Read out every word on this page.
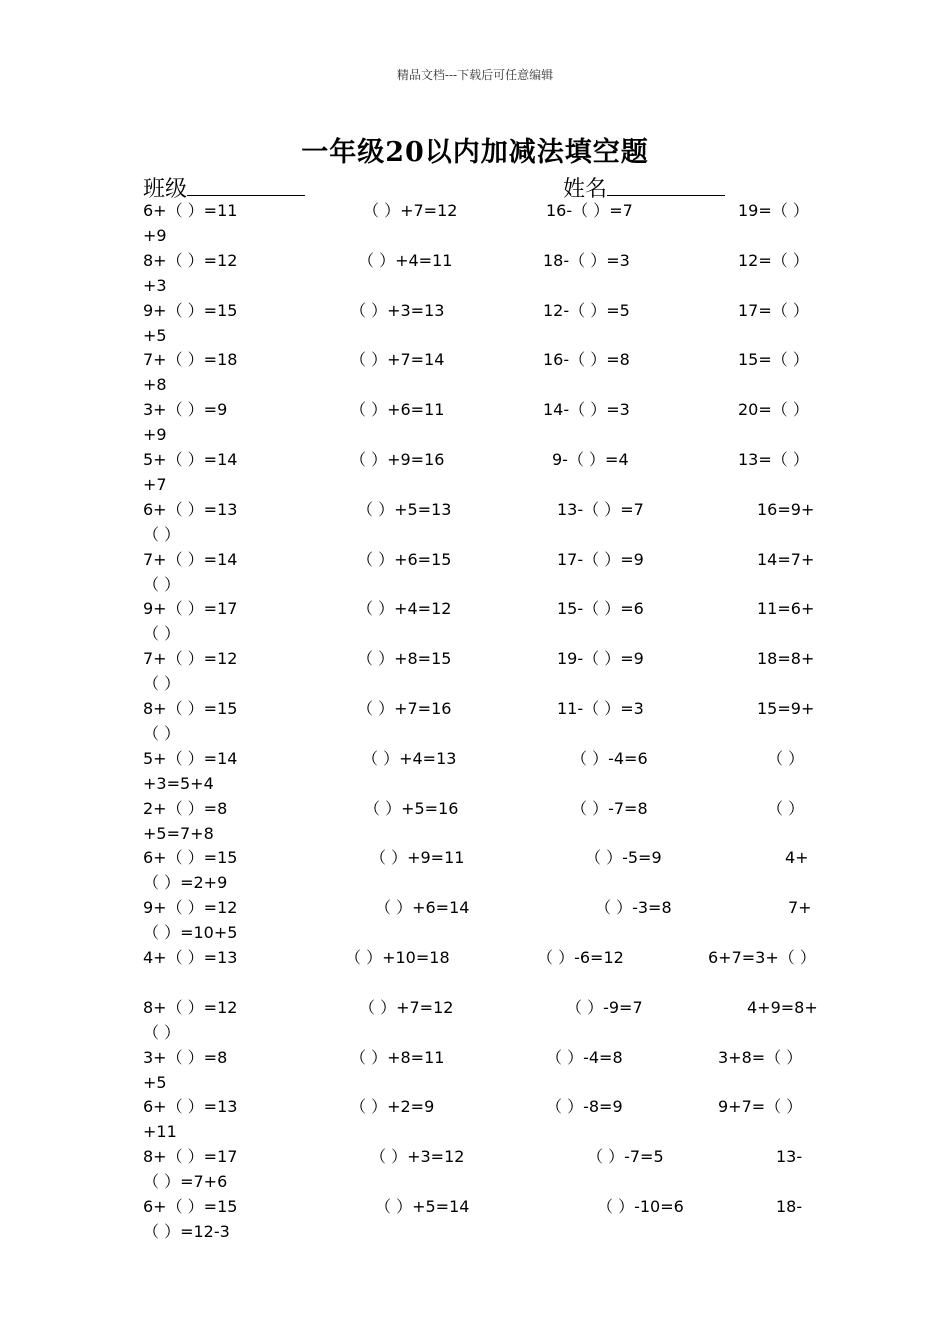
精品文档---下载后可任意编辑
一年级20以内加减法填空题
班级	姓名
6+（ ）=11	（ ）+7=12	16-（ ）=7	19=（ ）
+9
8+（ ）=12	（ ）+4=11	18-（ ）=3	12=（ ）
+3
9+（ ）=15	（ ）+3=13	12-（ ）=5	17=（ ）
+5
7+（ ）=18	（ ）+7=14	16-（ ）=8	15=（ ）
+8
3+（ ）=9	（ ）+6=11	14-（ ）=3	20=（ ）
+9
5+（ ）=14	（ ）+9=16	9-（ ）=4	13=（ ）
+7
6+（ ）=13	（ ）+5=13	13-（ ）=7	16=9+
（ ）
7+（ ）=14	（ ）+6=15	17-（ ）=9	14=7+
（ ）
9+（ ）=17	（ ）+4=12	15-（ ）=6	11=6+
（ ）
7+（ ）=12	（ ）+8=15	19-（ ）=9	18=8+
（ ）
8+（ ）=15	（ ）+7=16	11-（ ）=3	15=9+
（ ）
5+（ ）=14	（ ）+4=13	（ ）-4=6	（ ）
+3=5+4
2+（ ）=8	（ ）+5=16	（ ）-7=8	（ ）
+5=7+8
6+（ ）=15	（ ）+9=11	（ ）-5=9	4+
（ ）=2+9
9+（ ）=12	（ ）+6=14	（ ）-3=8	7+
（ ）=10+5
4+（ ）=13	（ ）+10=18	（ ）-6=12	6+7=3+（ ）
8+（ ）=12	（ ）+7=12	（ ）-9=7	4+9=8+
（ ）
3+（ ）=8	（ ）+8=11	（ ）-4=8	3+8=（ ）
+5
6+（ ）=13	（ ）+2=9	（ ）-8=9	9+7=（ ）
+11
8+（ ）=17	（ ）+3=12	（ ）-7=5	13-
（ ）=7+6
6+（ ）=15	（ ）+5=14	（ ）-10=6	18-
（ ）=12-3
